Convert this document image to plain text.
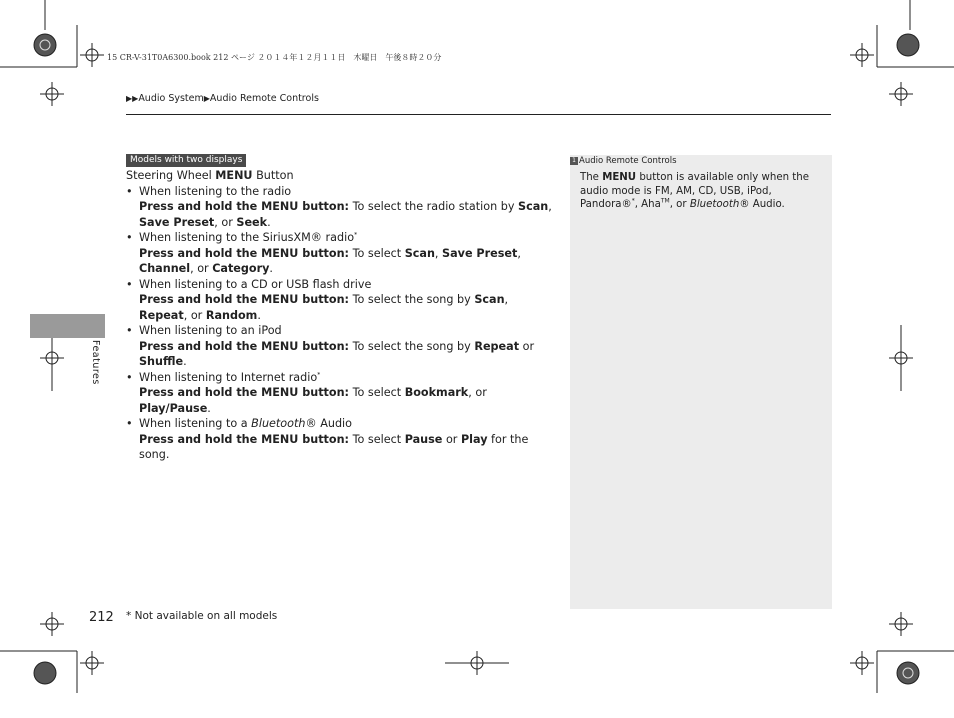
15 CR-V-31T0A6300.book 212 ページ ２０１４年１２月１１日　木曜日　午後８時２０分
▶▶Audio System▶Audio Remote Controls
Features
Models with two displays

Steering Wheel MENU Button

• When listening to the radio
Press and hold the MENU button: To select the radio station by Scan, Save Preset, or Seek.
• When listening to the SiriusXM® radio*
Press and hold the MENU button: To select Scan, Save Preset, Channel, or Category.
• When listening to a CD or USB flash drive
Press and hold the MENU button: To select the song by Scan, Repeat, or Random.
• When listening to an iPod
Press and hold the MENU button: To select the song by Repeat or Shuffle.
• When listening to Internet radio*
Press and hold the MENU button: To select Bookmark, or Play/Pause.
• When listening to a Bluetooth® Audio
Press and hold the MENU button: To select Pause or Play for the song.
1 Audio Remote Controls
The MENU button is available only when the audio mode is FM, AM, CD, USB, iPod, Pandora®*, Aha™, or Bluetooth® Audio.
212 * Not available on all models
